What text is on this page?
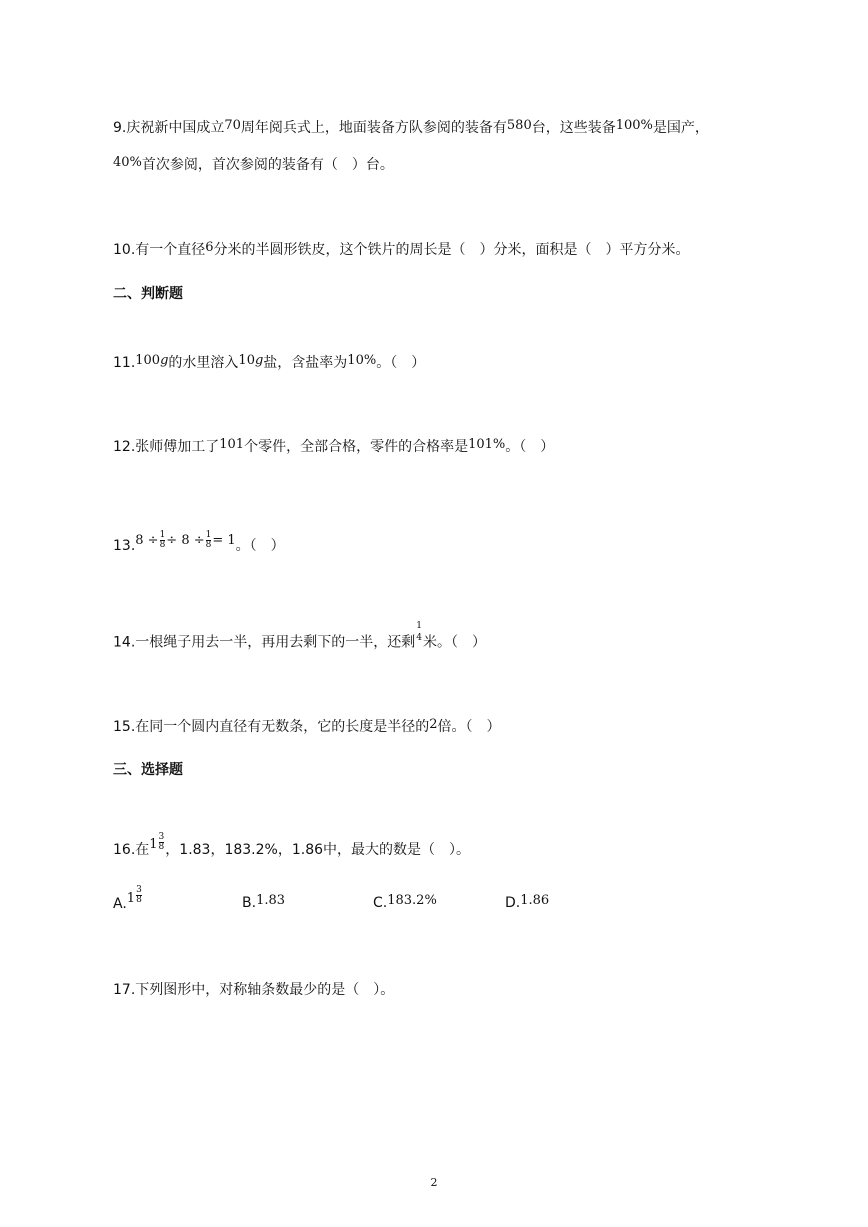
9.庆祝新中国成立70周年阅兵式上，地面装备方队参阅的装备有580台，这些装备100%是国产，
40%首次参阅，首次参阅的装备有（　）台。
10.有一个直径6分米的半圆形铁皮，这个铁片的周长是（　）分米，面积是（　）平方分米。
二、判断题
11.100g的水里溶入10g盐，含盐率为10%。（　）
12.张师傅加工了101个零件，全部合格，零件的合格率是101%。（　）
$13.8 \div \frac{1}{8} \div 8 \div \frac{1}{8} = 1$。（　）
14.一根绳子用去一半，再用去剩下的一半，还剩
1
4 米。（　）
15.在同一个圆内直径有无数条，它的长度是半径的2倍。（　）
三、选择题
16.在 $1 \frac{3}{8}$ ，1.83，183.2%，1.86中，最大的数是（　）。
A. $1 \frac{3}{8}$	B.1.83	C.183.2%	D.1.86
17.下列图形中，对称轴条数最少的是（　）。
2
